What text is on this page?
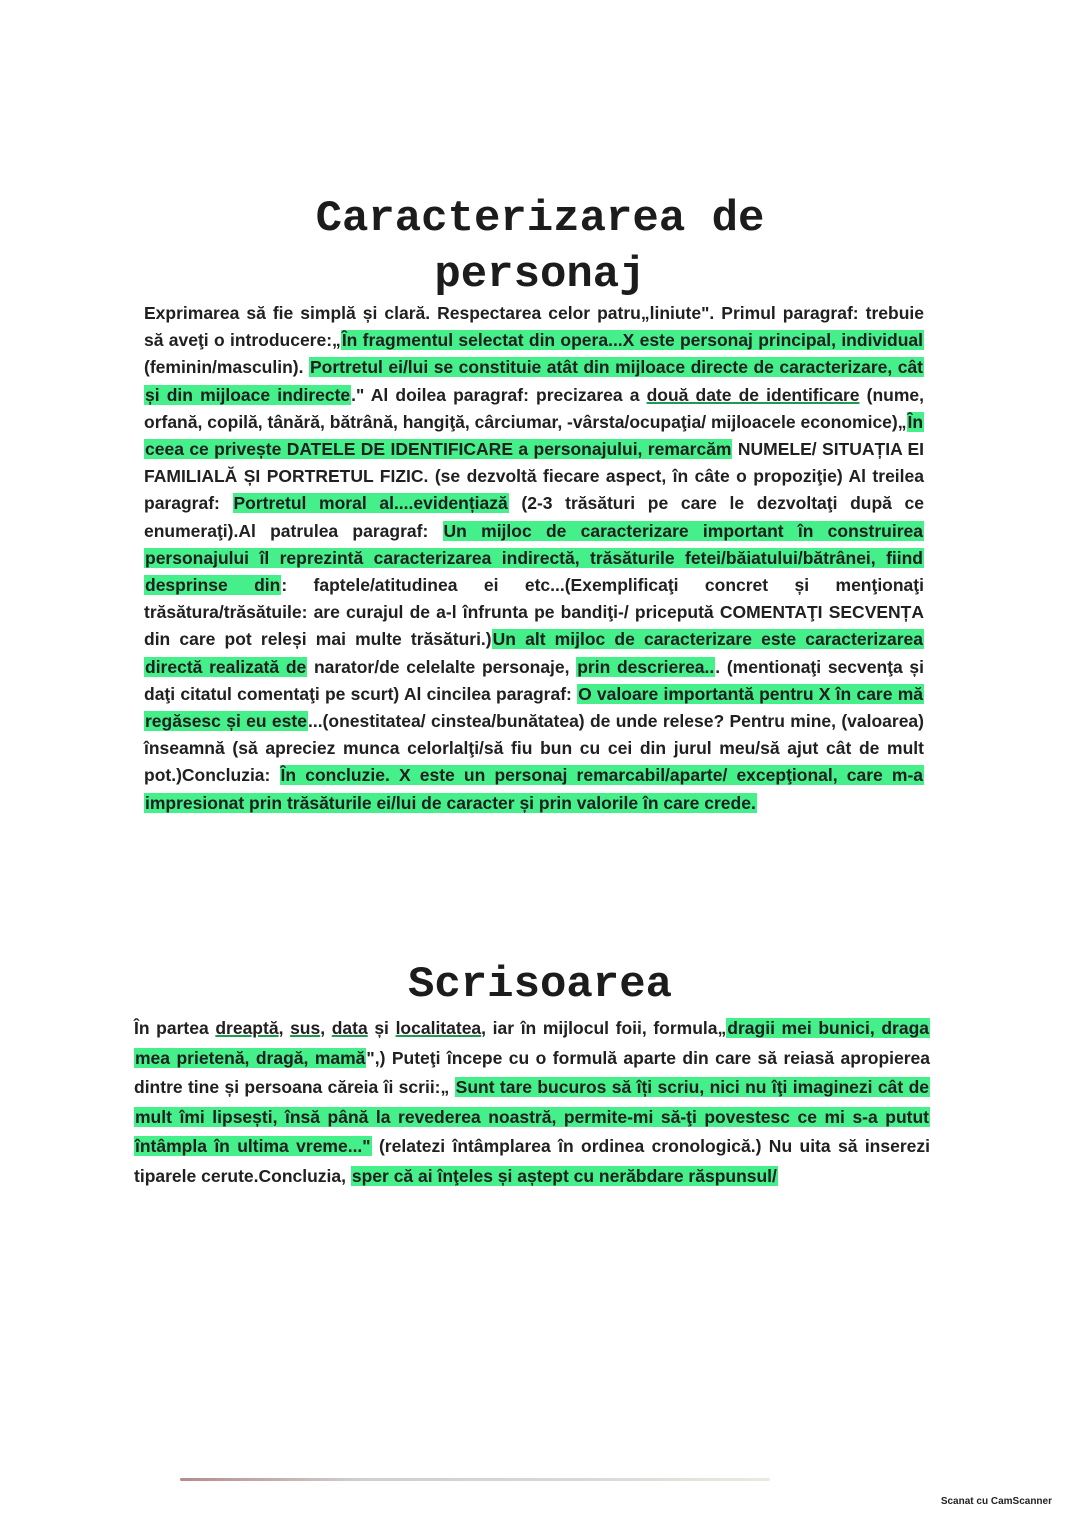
Caracterizarea de
personaj

Exprimarea să fie simplă și clară. Respectarea celor patru„liniute". Primul paragraf: trebuie să aveţi o introducere:„În fragmentul selectat din opera...X este personaj principal, individual (feminin/masculin). Portretul ei/lui se constituie atât din mijloace directe de caracterizare, cât și din mijloace indirecte." Al doilea paragraf: precizarea a două date de identificare (nume, orfană, copilă, tânără, bătrână, hangiţă, cârciumar, -vârsta/ocupaţia/ mijloacele economice)„În ceea ce privește DATELE DE IDENTIFICARE a personajului, remarcăm NUMELE/ SITUAȚIA EI FAMILIALĂ ȘI PORTRETUL FIZIC. (se dezvoltă fiecare aspect, în câte o propoziţie) Al treilea paragraf: Portretul moral al....evidențiază (2-3 trăsături pe care le dezvoltaţi după ce enumeraţi).Al patrulea paragraf: Un mijloc de caracterizare important în construirea personajului îl reprezintă caracterizarea indirectă, trăsăturile fetei/băiatului/bătrânei, fiind desprinse din: faptele/atitudinea ei etc...(Exemplificaţi concret și menţionaţi trăsătura/trăsătuile: are curajul de a-l înfrunta pe bandiţi-/ pricepută COMENTAŢI SECVENȚA din care pot releși mai multe trăsături.)Un alt mijloc de caracterizare este caracterizarea directă realizată de narator/de celelalte personaje, prin descrierea... (mentionaţi secvenţa și daţi citatul comentaţi pe scurt) Al cincilea paragraf: O valoare importantă pentru X în care mă regăsesc și eu este...(onestitatea/ cinstea/bunătatea) de unde relese? Pentru mine, (valoarea) înseamnă (să apreciez munca celorlalţi/să fiu bun cu cei din jurul meu/să ajut cât de mult pot.)Concluzia: În concluzie. X este un personaj remarcabil/aparte/ excepţional, care m-a impresionat prin trăsăturile ei/lui de caracter și prin valorile în care crede.

Scrisoarea

În partea dreaptă, sus, data și localitatea, iar în mijlocul foii, formula„dragii mei bunici, draga mea prietenă, dragă, mamă",) Puteţi începe cu o formulă aparte din care să reiasă apropierea dintre tine și persoana căreia îi scrii:„ Sunt tare bucuros să îți scriu, nici nu îţi imaginezi cât de mult îmi lipsești, însă până la revederea noastră, permite-mi să-ţi povestesc ce mi s-a putut întâmpla în ultima vreme..." (relatezi întâmplarea în ordinea cronologică.) Nu uita să inserezi tiparele cerute.Concluzia, sper că ai înţeles și aștept cu nerăbdare răspunsul/

Scanat cu CamScanner
